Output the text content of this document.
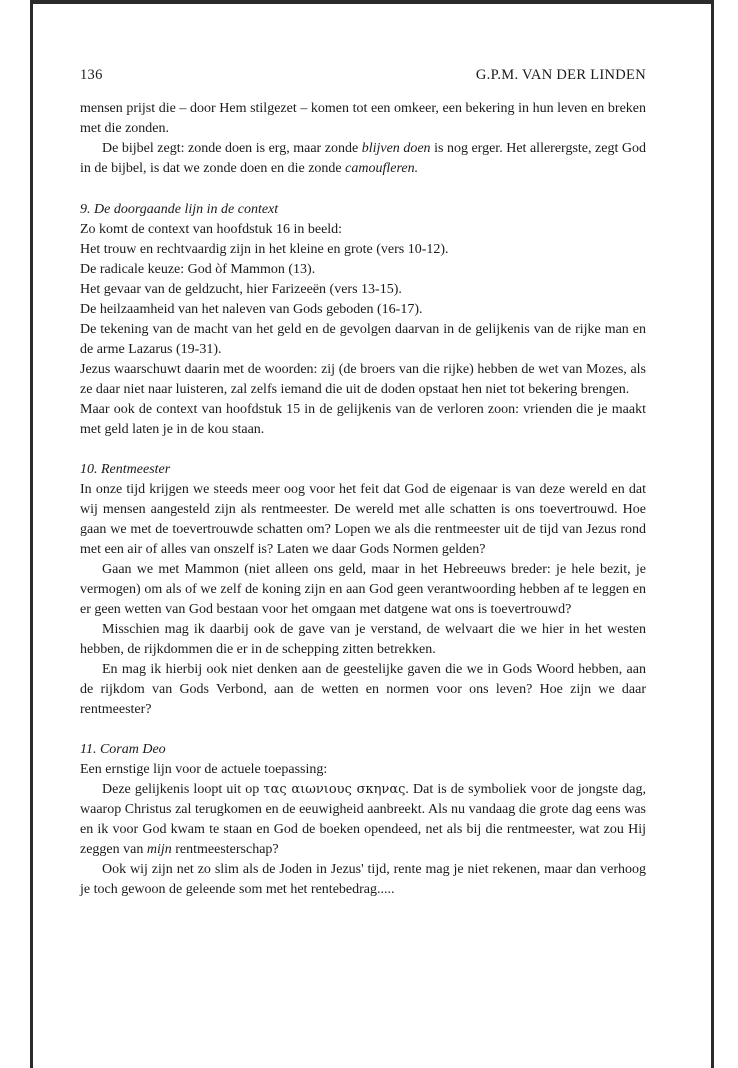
136	G.P.M. VAN DER LINDEN

mensen prijst die – door Hem stilgezet – komen tot een omkeer, een bekering in hun leven en breken met die zonden.

De bijbel zegt: zonde doen is erg, maar zonde blijven doen is nog erger. Het allerergste, zegt God in de bijbel, is dat we zonde doen en die zonde camoufleren.

9. De doorgaande lijn in de context

Zo komt de context van hoofdstuk 16 in beeld:

Het trouw en rechtvaardig zijn in het kleine en grote (vers 10-12).

De radicale keuze: God òf Mammon (13).

Het gevaar van de geldzucht, hier Farizeeën (vers 13-15).

De heilzaamheid van het naleven van Gods geboden (16-17).

De tekening van de macht van het geld en de gevolgen daarvan in de gelijkenis van de rijke man en de arme Lazarus (19-31).

Jezus waarschuwt daarin met de woorden: zij (de broers van die rijke) hebben de wet van Mozes, als ze daar niet naar luisteren, zal zelfs iemand die uit de doden opstaat hen niet tot bekering brengen.

Maar ook de context van hoofdstuk 15 in de gelijkenis van de verloren zoon: vrienden die je maakt met geld laten je in de kou staan.

10. Rentmeester

In onze tijd krijgen we steeds meer oog voor het feit dat God de eigenaar is van deze wereld en dat wij mensen aangesteld zijn als rentmeester. De wereld met alle schatten is ons toevertrouwd. Hoe gaan we met de toevertrouwde schatten om? Lopen we als die rentmeester uit de tijd van Jezus rond met een air of alles van onszelf is? Laten we daar Gods Normen gelden?

Gaan we met Mammon (niet alleen ons geld, maar in het Hebreeuws breder: je hele bezit, je vermogen) om als of we zelf de koning zijn en aan God geen verantwoording hebben af te leggen en er geen wetten van God bestaan voor het omgaan met datgene wat ons is toevertrouwd?

Misschien mag ik daarbij ook de gave van je verstand, de welvaart die we hier in het westen hebben, de rijkdommen die er in de schepping zitten betrekken.

En mag ik hierbij ook niet denken aan de geestelijke gaven die we in Gods Woord hebben, aan de rijkdom van Gods Verbond, aan de wetten en normen voor ons leven? Hoe zijn we daar rentmeester?

11. Coram Deo

Een ernstige lijn voor de actuele toepassing:

Deze gelijkenis loopt uit op τας αιωνιους σκηνας. Dat is de symboliek voor de jongste dag, waarop Christus zal terugkomen en de eeuwigheid aanbreekt. Als nu vandaag die grote dag eens was en ik voor God kwam te staan en God de boeken opendeed, net als bij die rentmeester, wat zou Hij zeggen van mijn rentmeesterschap?

Ook wij zijn net zo slim als de Joden in Jezus' tijd, rente mag je niet rekenen, maar dan verhoog je toch gewoon de geleende som met het rentebedrag.....
